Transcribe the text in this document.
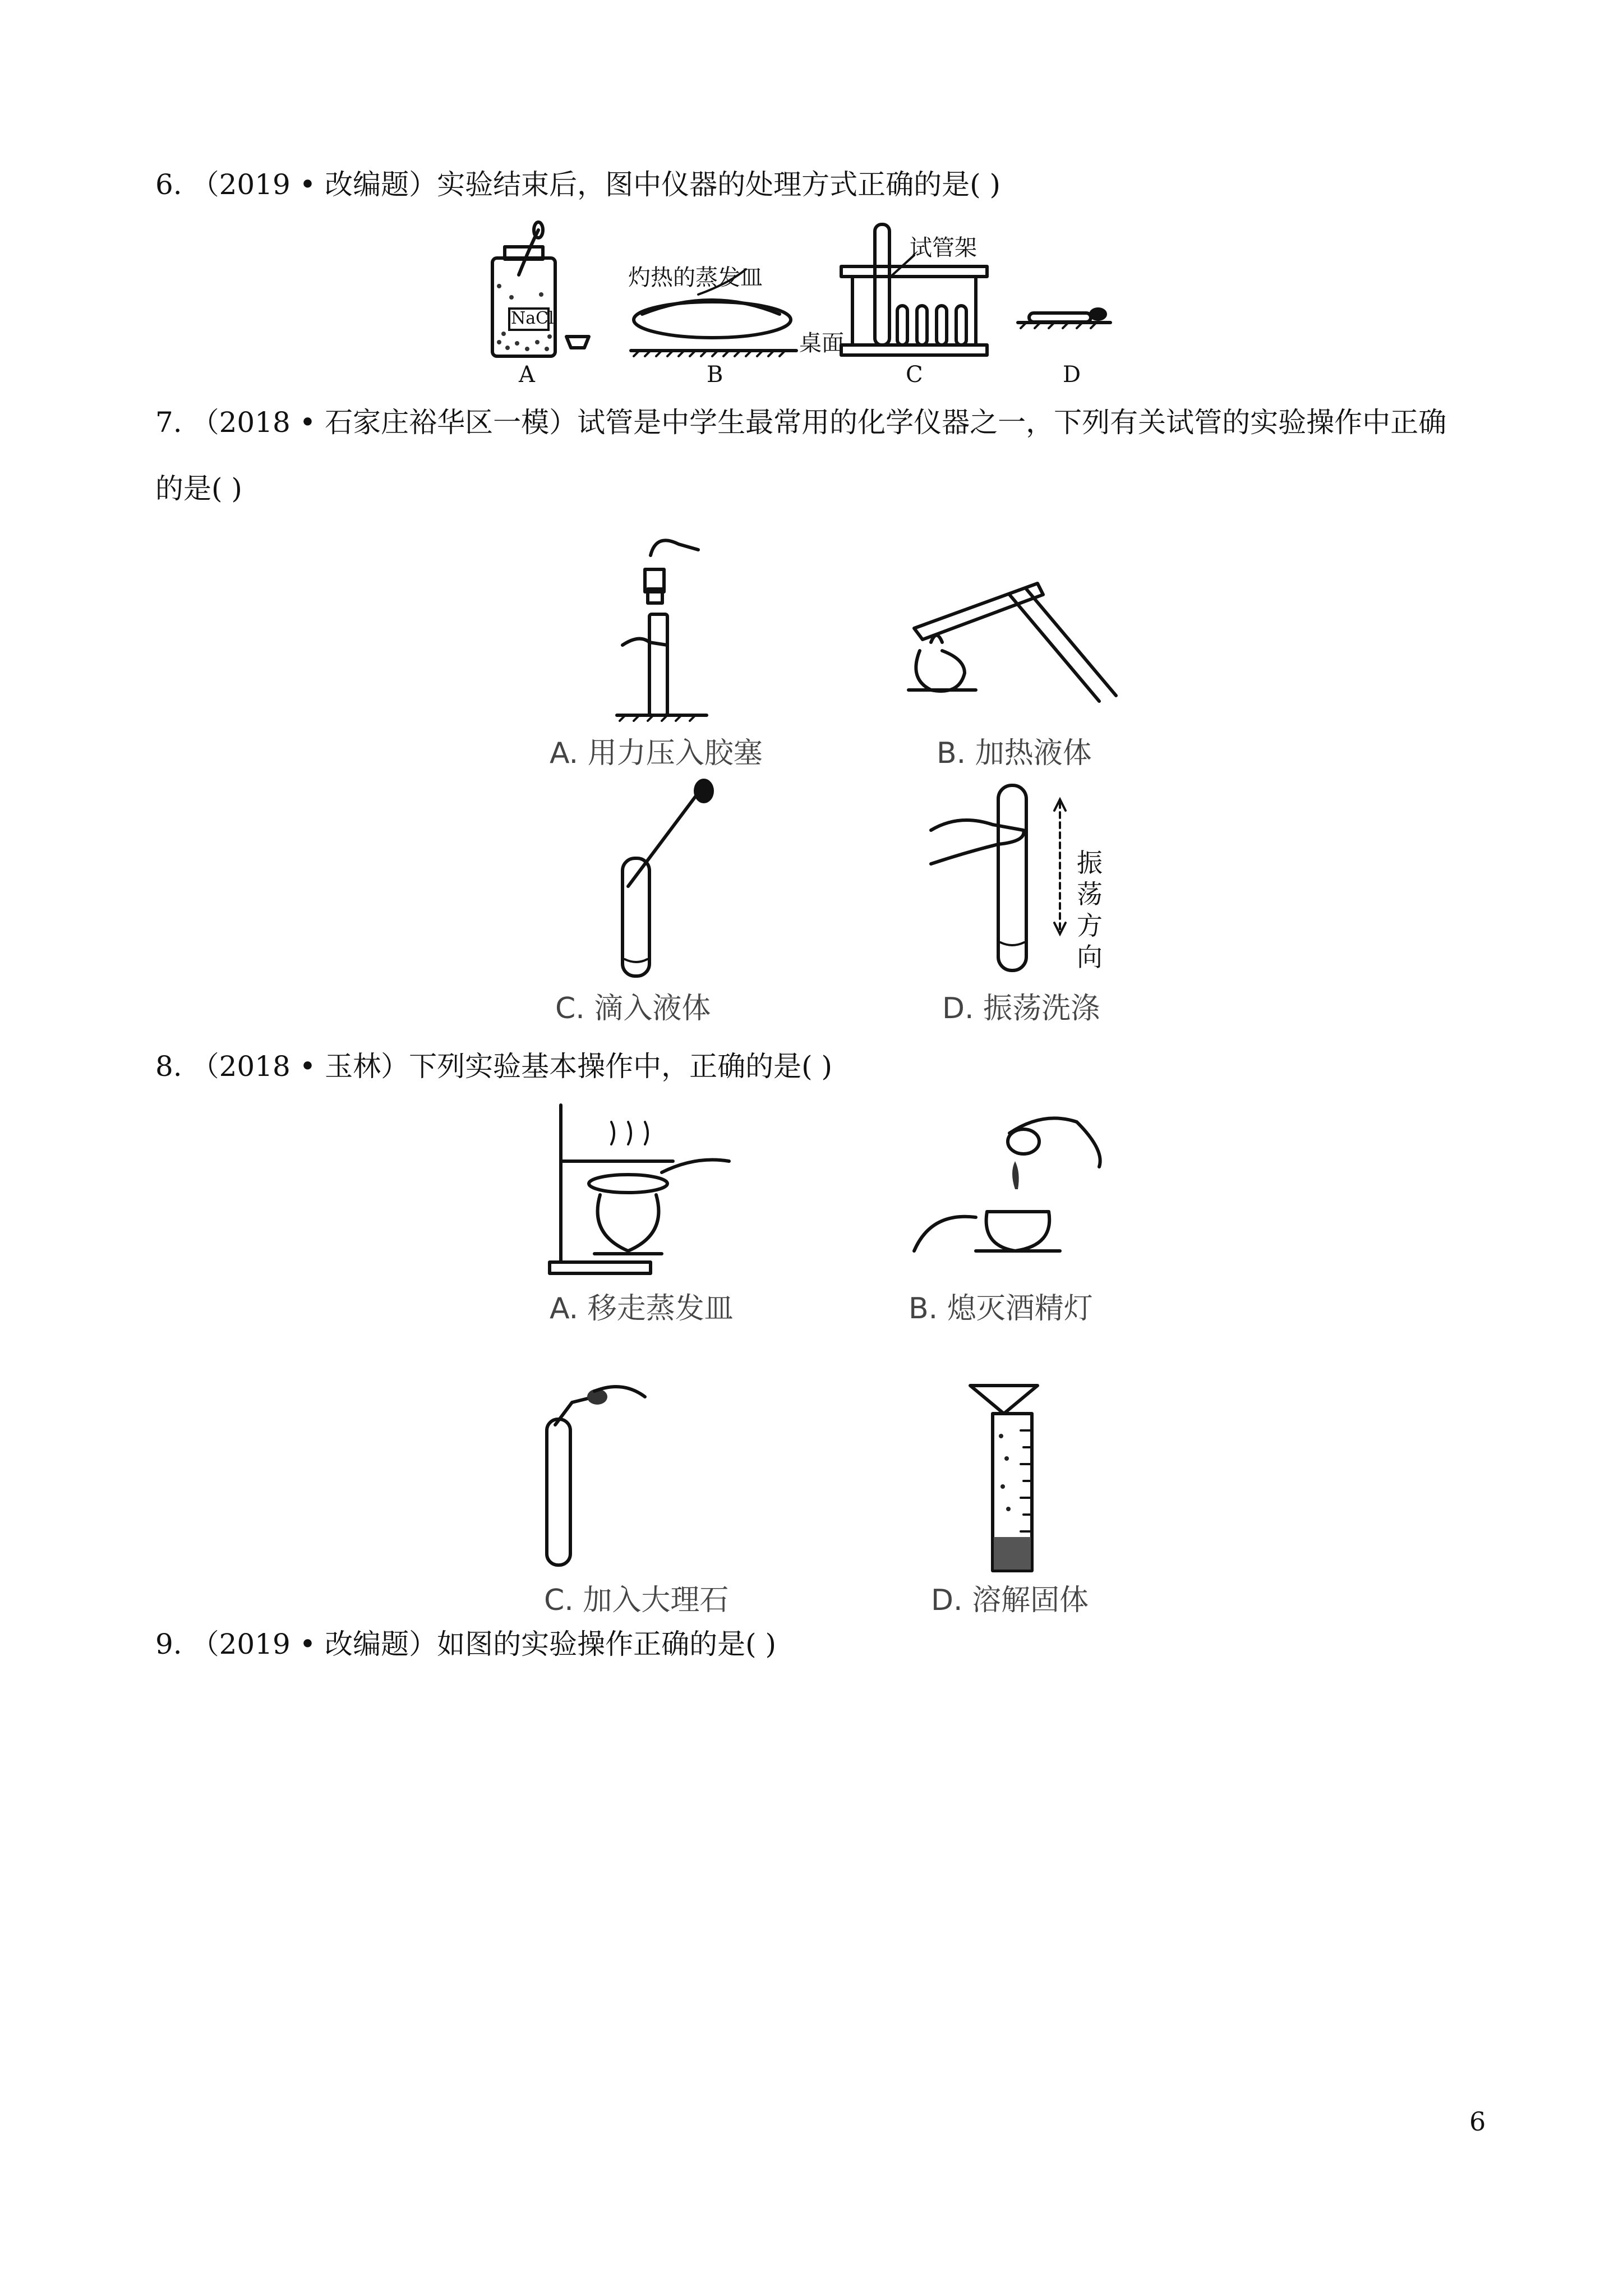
6. （2019 • 改编题）实验结束后，图中仪器的处理方式正确的是( )
灼热的蒸发皿
试管架
NaCl
桌面
A	B	C	D
7. （2018 • 石家庄裕华区一模）试管是中学生最常用的化学仪器之一，下列有关试管的实验操作中正确
的是( )
A. 用力压入胶塞	B. 加热液体
C. 滴入液体
振
荡
方
向
D. 振荡洗涤
8. （2018 • 玉林）下列实验基本操作中，正确的是( )
A. 移走蒸发皿	B. 熄灭酒精灯
C. 加入大理石	D. 溶解固体
9. （2019 • 改编题）如图的实验操作正确的是( )
6
